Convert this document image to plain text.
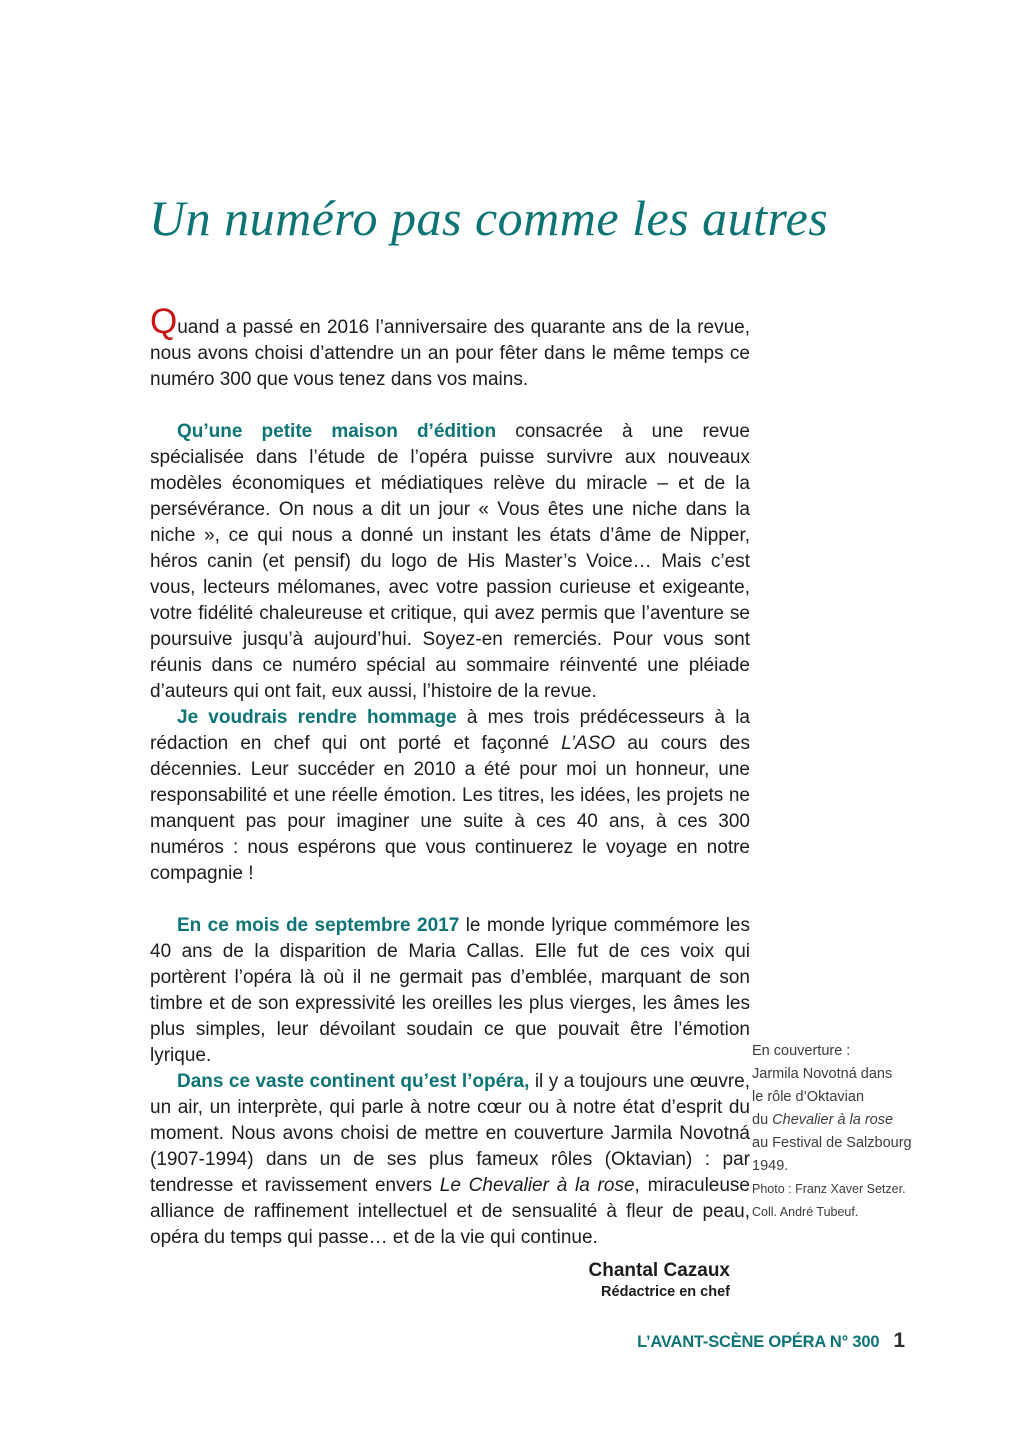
Un numéro pas comme les autres

Quand a passé en 2016 l’anniversaire des quarante ans de la revue, nous avons choisi d’attendre un an pour fêter dans le même temps ce numéro 300 que vous tenez dans vos mains.

Qu’une petite maison d’édition consacrée à une revue spécialisée dans l’étude de l’opéra puisse survivre aux nouveaux modèles économiques et médiatiques relève du miracle – et de la persévérance. On nous a dit un jour « Vous êtes une niche dans la niche », ce qui nous a donné un instant les états d’âme de Nipper, héros canin (et pensif) du logo de His Master’s Voice… Mais c’est vous, lecteurs mélomanes, avec votre passion curieuse et exigeante, votre fidélité chaleureuse et critique, qui avez permis que l’aventure se poursuive jusqu’à aujourd’hui. Soyez-en remerciés. Pour vous sont réunis dans ce numéro spécial au sommaire réinventé une pléiade d’auteurs qui ont fait, eux aussi, l’histoire de la revue.

Je voudrais rendre hommage à mes trois prédécesseurs à la rédaction en chef qui ont porté et façonné L’ASO au cours des décennies. Leur succéder en 2010 a été pour moi un honneur, une responsabilité et une réelle émotion. Les titres, les idées, les projets ne manquent pas pour imaginer une suite à ces 40 ans, à ces 300 numéros : nous espérons que vous continuerez le voyage en notre compagnie !

En ce mois de septembre 2017 le monde lyrique commémore les 40 ans de la disparition de Maria Callas. Elle fut de ces voix qui portèrent l’opéra là où il ne germait pas d’emblée, marquant de son timbre et de son expressivité les oreilles les plus vierges, les âmes les plus simples, leur dévoilant soudain ce que pouvait être l’émotion lyrique.

Dans ce vaste continent qu’est l’opéra, il y a toujours une œuvre, un air, un interprète, qui parle à notre cœur ou à notre état d’esprit du moment. Nous avons choisi de mettre en couverture Jarmila Novotná (1907-1994) dans un de ses plus fameux rôles (Oktavian) : par tendresse et ravissement envers Le Chevalier à la rose, miraculeuse alliance de raffinement intellectuel et de sensualité à fleur de peau, opéra du temps qui passe… et de la vie qui continue.

Chantal Cazaux
Rédactrice en chef
En couverture :
Jarmila Novotná dans
le rôle d’Oktavian
du Chevalier à la rose
au Festival de Salzbourg
1949.
Photo : Franz Xaver Setzer.
Coll. André Tubeuf.
L’AVANT-SCÈNE OPÉRA N° 300 1
